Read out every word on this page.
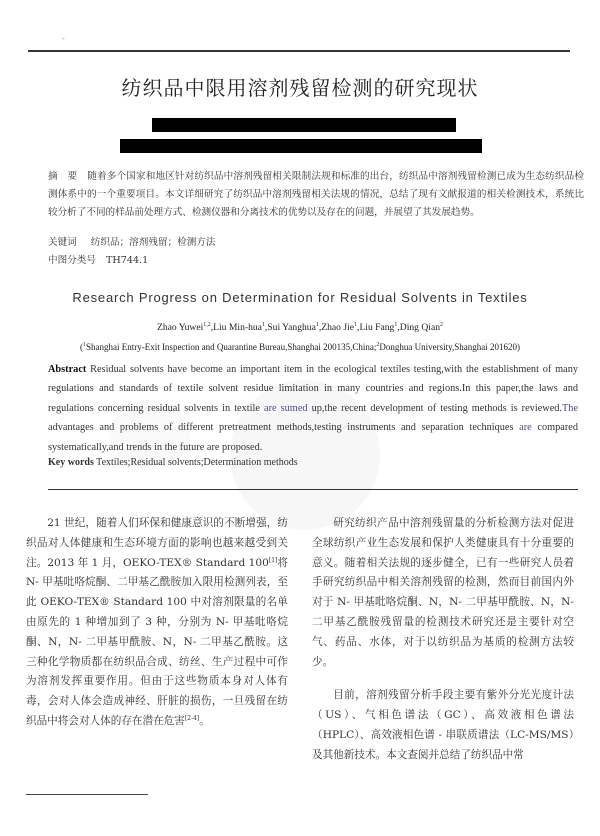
-
纺织品中限用溶剂残留检测的研究现状
摘　要 随着多个国家和地区针对纺织品中溶剂残留相关限制法规和标准的出台，纺织品中溶剂残留检测已成为生态纺织品检测体系中的一个重要项目。本文详细研究了纺织品中溶剂残留相关法规的情况，总结了现有文献报道的相关检测技术，系统比较分析了不同的样品前处理方式、检测仪器和分离技术的优势以及存在的问题，并展望了其发展趋势。
关键词 纺织品；溶剂残留；检测方法
中图分类号 TH744.1
Research Progress on Determination for Residual Solvents in Textiles
Zhao Yuwei$^{1,2}$,Liu Min-hua$^1$,Sui Yanghua$^1$,Zhao Jie$^1$,Liu Fang$^1$,Ding Qian$^2$
($^1$Shanghai Entry-Exit Inspection and Quarantine Bureau,Shanghai 200135,China;$^2$Donghua University,Shanghai 201620)
Abstract Residual solvents have become an important item in the ecological textiles testing,with the establishment of many regulations and standards of textile solvent residue limitation in many countries and regions.In this paper,the laws and regulations concerning residual solvents in textile are sumed up,the recent development of testing methods is reviewed.The advantages and problems of different pretreatment methods,testing instruments and separation techniques are compared systematically,and trends in the future are proposed.
Key words Textiles;Residual solvents;Determination methods

21 世纪，随着人们环保和健康意识的不断增强，纺织品对人体健康和生态环境方面的影响也越来越受到关注。2013 年 1 月，OEKO-TEX® Standard 100[1]将 N- 甲基吡咯烷酮、二甲基乙酰胺加入限用检测列表，至此 OEKO-TEX® Standard 100 中对溶剂限量的名单由原先的 1 种增加到了 3 种，分别为 N- 甲基吡咯烷酮、N，N- 二甲基甲酰胺、N，N- 二甲基乙酰胺。这三种化学物质都在纺织品合成、纺丝、生产过程中可作为溶剂发挥重要作用。但由于这些物质本身对人体有毒，会对人体会造成神经、肝脏的损伤，一旦残留在纺织品中将会对人体的存在潜在危害[2-4]。

研究纺织产品中溶剂残留量的分析检测方法对促进全球纺织产业生态发展和保护人类健康具有十分重要的意义。随着相关法规的逐步健全，已有一些研究人员着手研究纺织品中相关溶剂残留的检测，然而目前国内外对于 N- 甲基吡咯烷酮、N，N- 二甲基甲酰胺、N，N- 二甲基乙酰胺残留量的检测技术研究还是主要针对空气、药品、水体，对于以纺织品为基质的检测方法较少。

目前，溶剂残留分析手段主要有紫外分光光度计法（US）、气相色谱法（GC）、高效液相色谱法（HPLC）、高效液相色谱 - 串联质谱法（LC-MS/MS）及其他新技术。本文查阅并总结了纺织品中常
